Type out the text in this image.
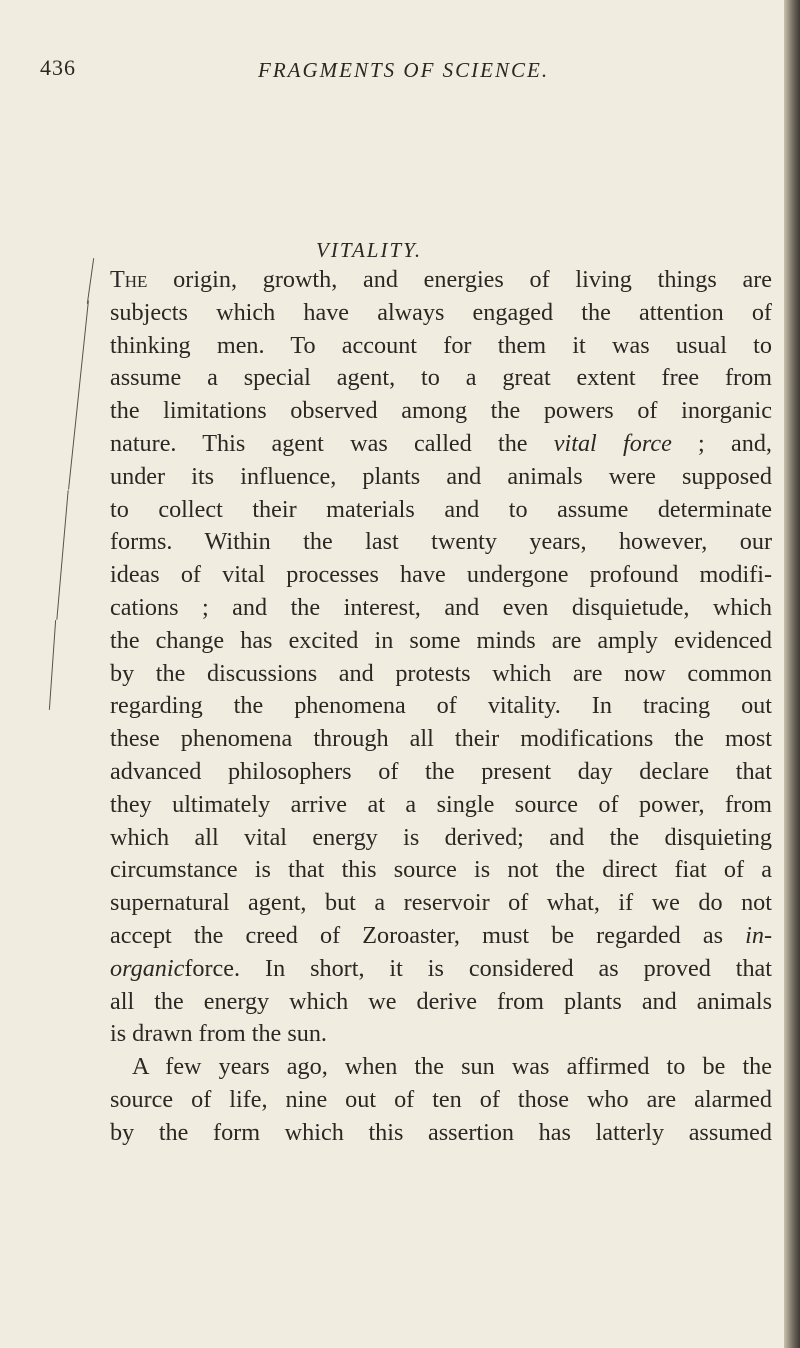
436	FRAGMENTS OF SCIENCE.
VITALITY.

The origin, growth, and energies of living things are
subjects which have always engaged the attention of
thinking men. To account for them it was usual to
assume a special agent, to a great extent free from
the limitations observed among the powers of inorganic
nature. This agent was called the vital force ; and,
under its influence, plants and animals were supposed
to collect their materials and to assume determinate
forms. Within the last twenty years, however, our
ideas of vital processes have undergone profound modifi-
cations ; and the interest, and even disquietude, which
the change has excited in some minds are amply evidenced
by the discussions and protests which are now common
regarding the phenomena of vitality. In tracing out
these phenomena through all their modifications the most
advanced philosophers of the present day declare that
they ultimately arrive at a single source of power, from
which all vital energy is derived; and the disquieting
circumstance is that this source is not the direct fiat of a
supernatural agent, but a reservoir of what, if we do not
accept the creed of Zoroaster, must be regarded as in-
organicforce. In short, it is considered as proved that
all the energy which we derive from plants and animals
is drawn from the sun.

A few years ago, when the sun was affirmed to be the
source of life, nine out of ten of those who are alarmed
by the form which this assertion has latterly assumed
